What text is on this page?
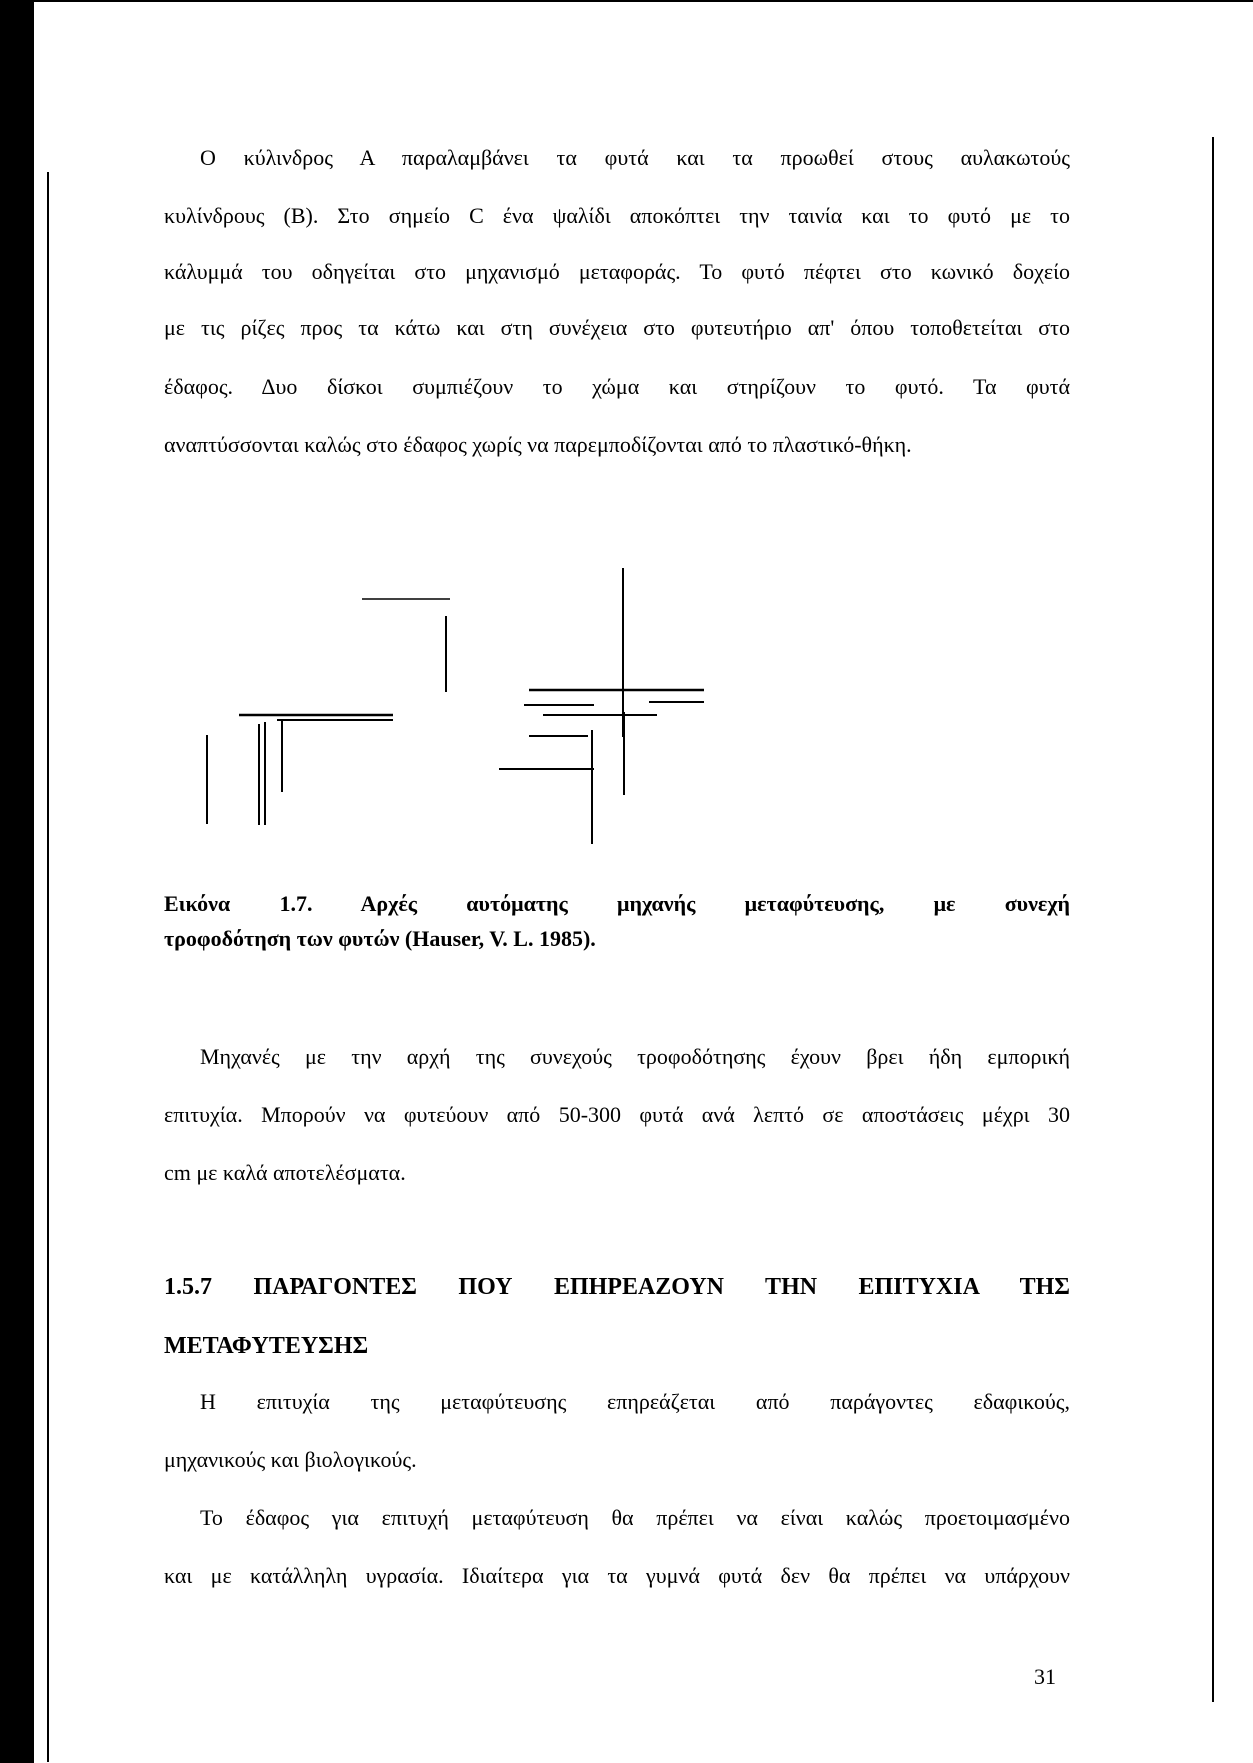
Ο κύλινδρος Α παραλαμβάνει τα φυτά και τα προωθεί στους αυλακωτούς
κυλίνδρους (Β). Στο σημείο C ένα ψαλίδι αποκόπτει την ταινία και το φυτό με το
κάλυμμά του οδηγείται στο μηχανισμό μεταφοράς. Το φυτό πέφτει στο κωνικό δοχείο
με τις ρίζες προς τα κάτω και στη συνέχεια στο φυτευτήριο απ' όπου τοποθετείται στο
έδαφος. Δυο δίσκοι συμπιέζουν το χώμα και στηρίζουν το φυτό. Τα φυτά
αναπτύσσονται καλώς στο έδαφος χωρίς να παρεμποδίζονται από το πλαστικό-θήκη.
Εικόνα 1.7. Αρχές αυτόματης μηχανής μεταφύτευσης, με συνεχή
τροφοδότηση των φυτών (Hauser, V. L. 1985).
Μηχανές με την αρχή της συνεχούς τροφοδότησης έχουν βρει ήδη εμπορική
επιτυχία. Μπορούν να φυτεύουν από 50-300 φυτά ανά λεπτό σε αποστάσεις μέχρι 30
cm με καλά αποτελέσματα.
1.5.7 ΠΑΡΑΓΟΝΤΕΣ ΠΟΥ ΕΠΗΡΕΑΖΟΥΝ ΤΗΝ ΕΠΙΤΥΧΙΑ ΤΗΣ
ΜΕΤΑΦΥΤΕΥΣΗΣ
Η επιτυχία της μεταφύτευσης επηρεάζεται από παράγοντες εδαφικούς,
μηχανικούς και βιολογικούς.
Το έδαφος για επιτυχή μεταφύτευση θα πρέπει να είναι καλώς προετοιμασμένο
και με κατάλληλη υγρασία. Ιδιαίτερα για τα γυμνά φυτά δεν θα πρέπει να υπάρχουν
31
